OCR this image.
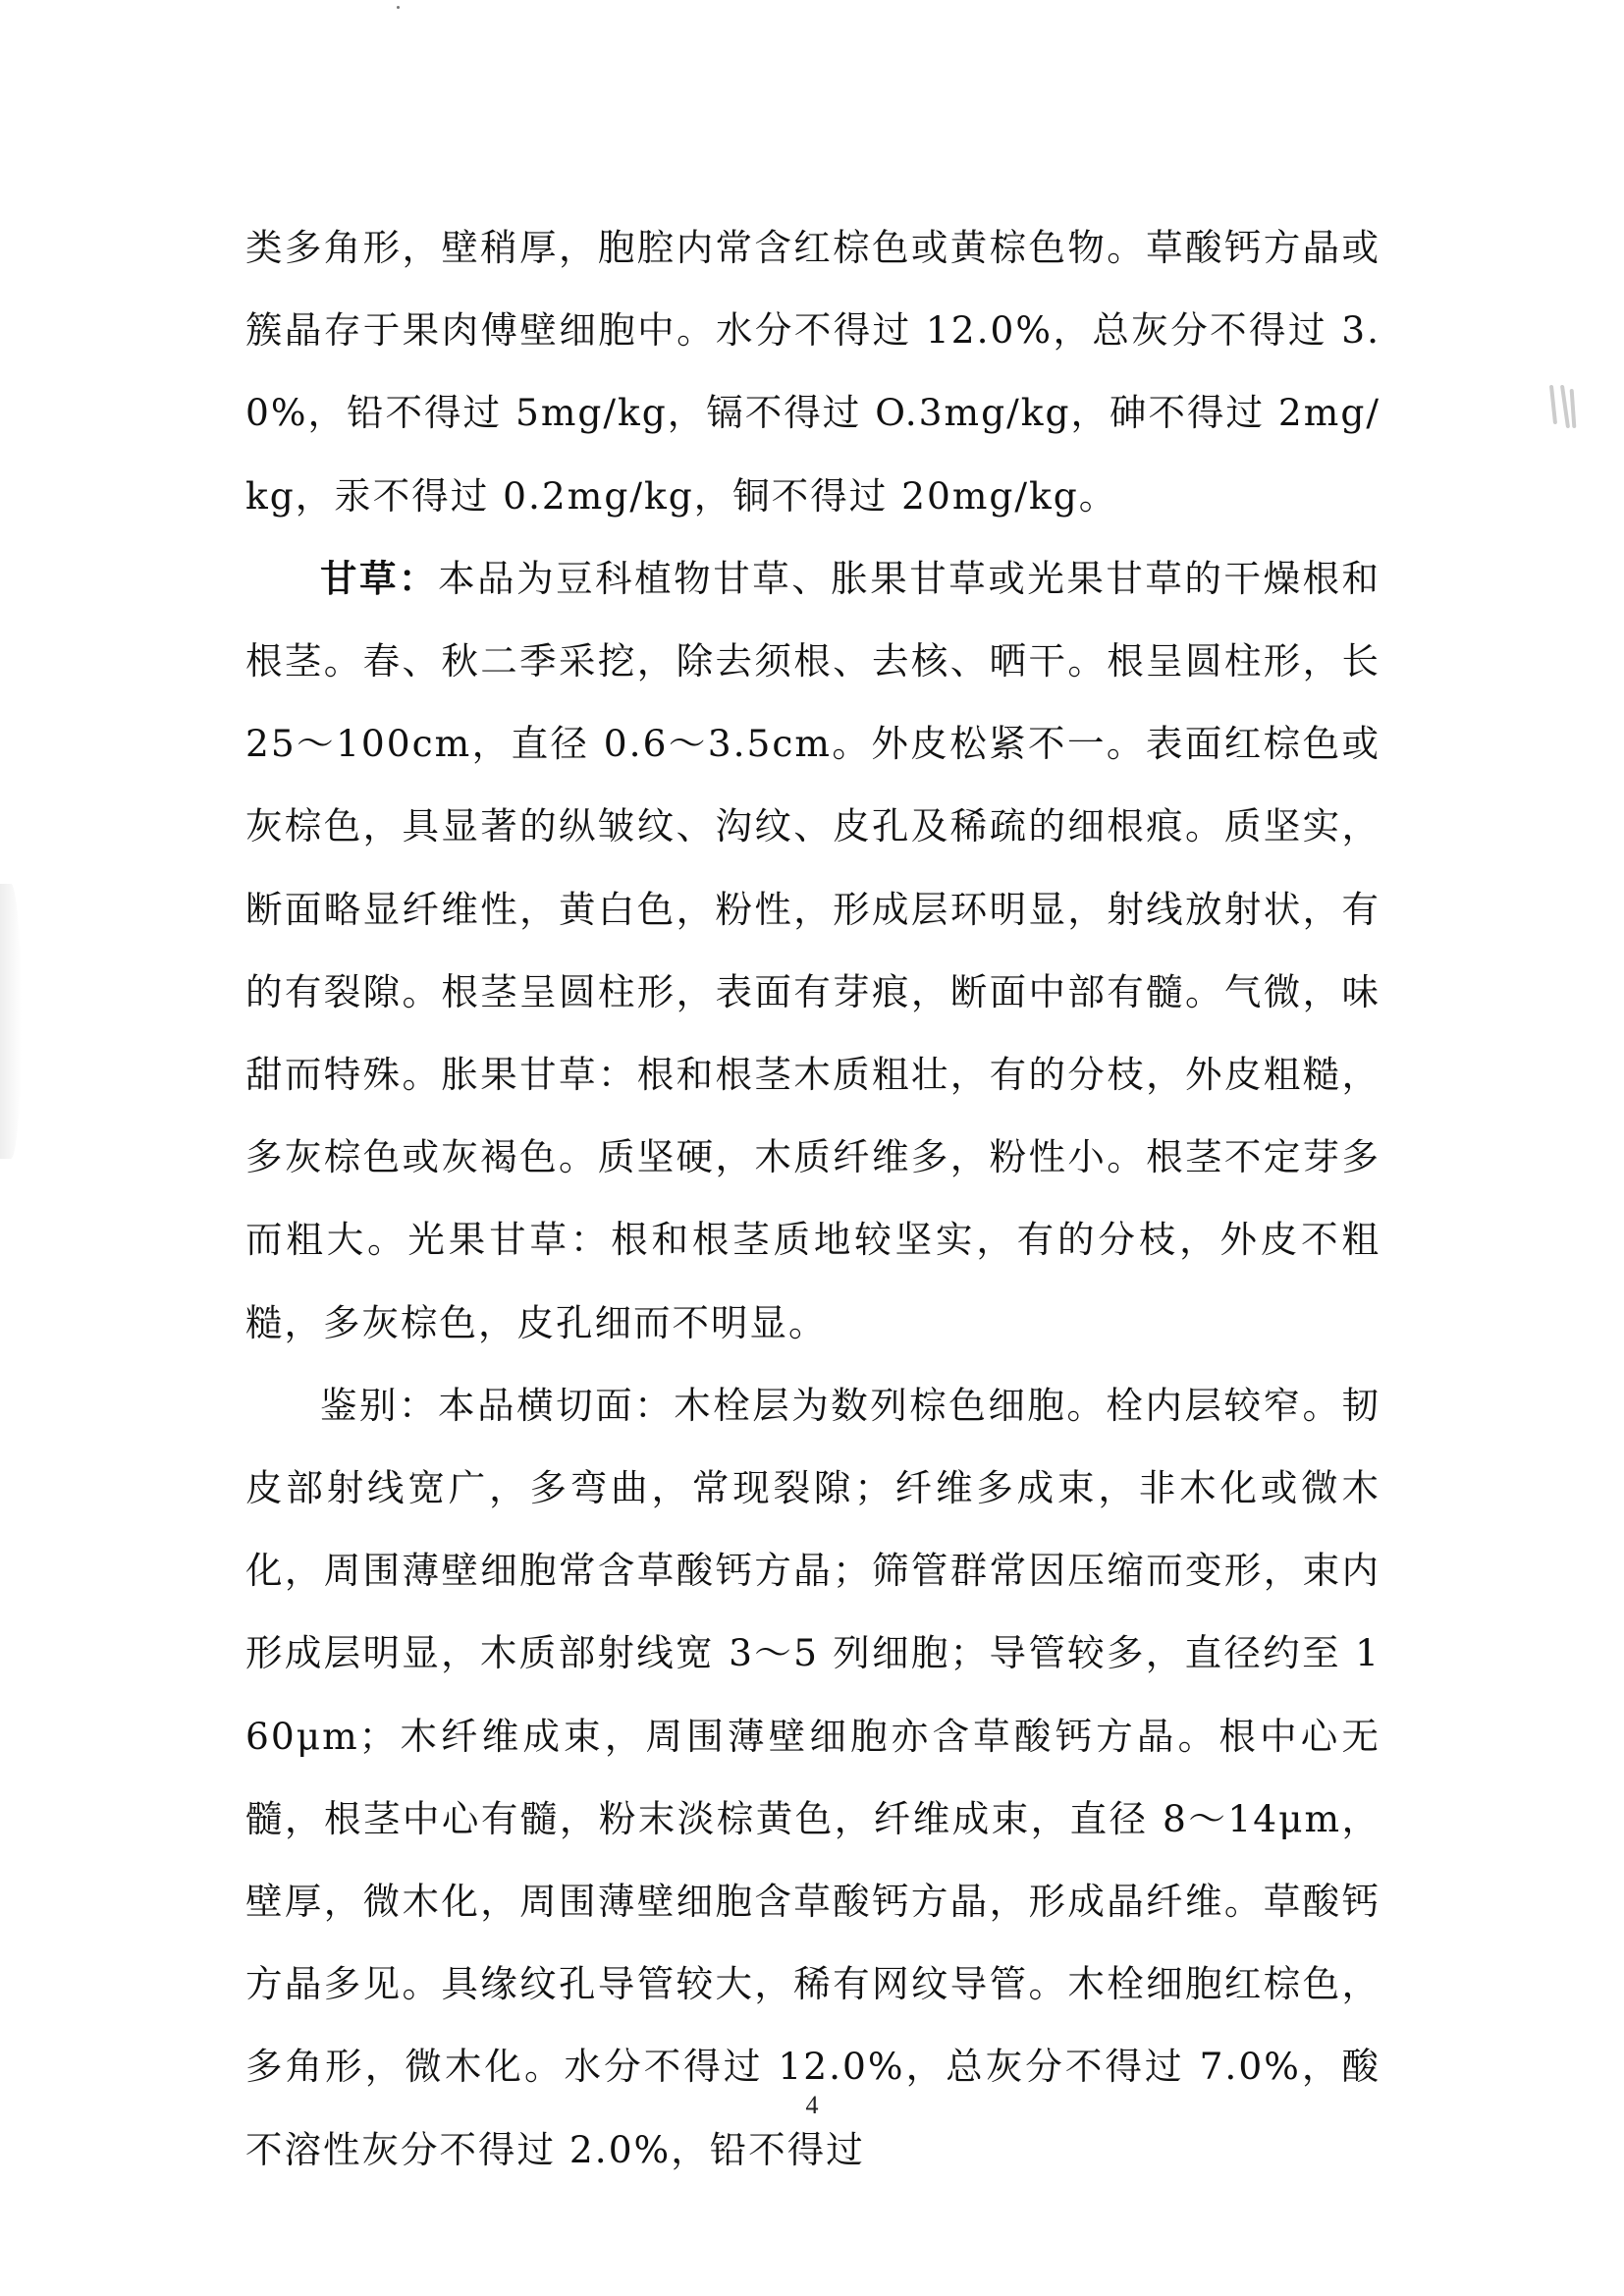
类多角形，壁稍厚，胞腔内常含红棕色或黄棕色物。草酸钙方晶或簇晶存于果肉傅壁细胞中。水分不得过 12.0%，总灰分不得过 3.0%，铅不得过 5mg/kg，镉不得过 O.3mg/kg，砷不得过 2mg/kg，汞不得过 0.2mg/kg，铜不得过 20mg/kg。

甘草：本品为豆科植物甘草、胀果甘草或光果甘草的干燥根和根茎。春、秋二季采挖，除去须根、去核、晒干。根呈圆柱形，长 25～100cm，直径 0.6～3.5cm。外皮松紧不一。表面红棕色或灰棕色，具显著的纵皱纹、沟纹、皮孔及稀疏的细根痕。质坚实，断面略显纤维性，黄白色，粉性，形成层环明显，射线放射状，有的有裂隙。根茎呈圆柱形，表面有芽痕，断面中部有髓。气微，味甜而特殊。胀果甘草：根和根茎木质粗壮，有的分枝，外皮粗糙，多灰棕色或灰褐色。质坚硬，木质纤维多，粉性小。根茎不定芽多而粗大。光果甘草：根和根茎质地较坚实，有的分枝，外皮不粗糙，多灰棕色，皮孔细而不明显。

鉴别：本品横切面：木栓层为数列棕色细胞。栓内层较窄。韧皮部射线宽广，多弯曲，常现裂隙；纤维多成束，非木化或微木化，周围薄壁细胞常含草酸钙方晶；筛管群常因压缩而变形，束内形成层明显，木质部射线宽 3～5 列细胞；导管较多，直径约至 160μm；木纤维成束，周围薄壁细胞亦含草酸钙方晶。根中心无髓，根茎中心有髓，粉末淡棕黄色，纤维成束，直径 8～14μm，壁厚，微木化，周围薄壁细胞含草酸钙方晶，形成晶纤维。草酸钙方晶多见。具缘纹孔导管较大，稀有网纹导管。木栓细胞红棕色，多角形，微木化。水分不得过 12.0%，总灰分不得过 7.0%，酸不溶性灰分不得过 2.0%，铅不得过

4
